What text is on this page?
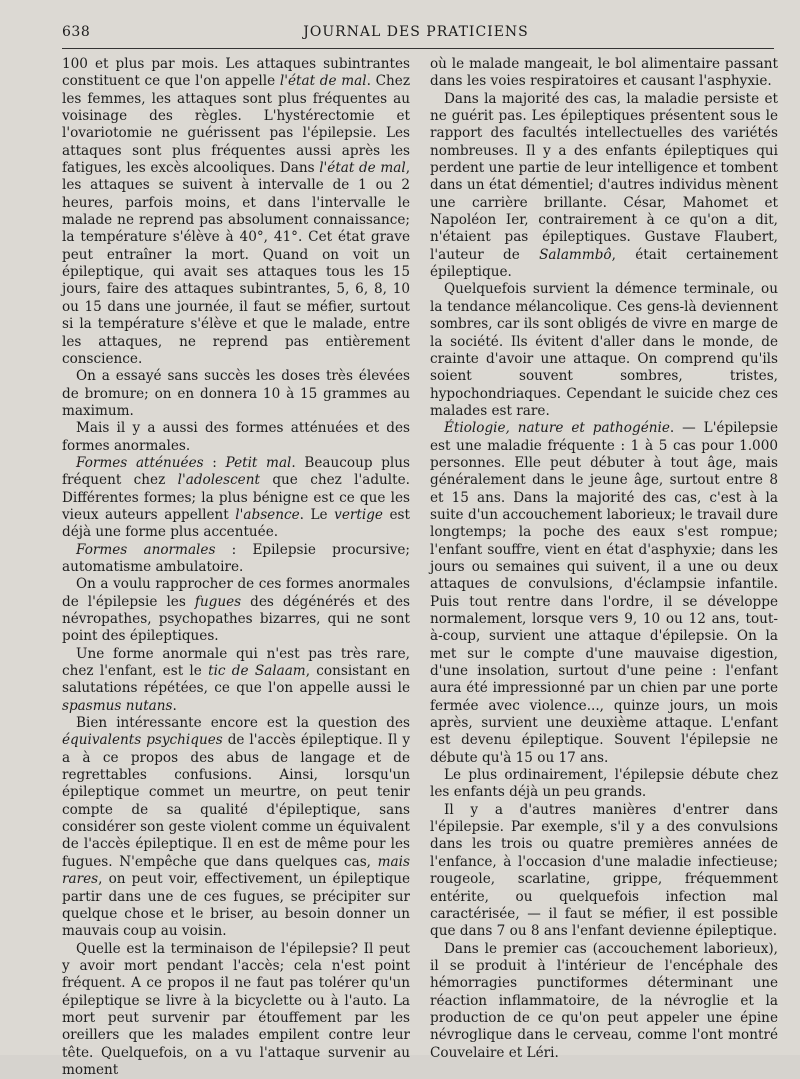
638	JOURNAL DES PRATICIENS

100 et plus par mois. Les attaques subintrantes constituent ce que l'on appelle l'état de mal. Chez les femmes, les attaques sont plus fréquentes au voisinage des règles. L'hystérectomie et l'ovariotomie ne guérissent pas l'épilepsie. Les attaques sont plus fréquentes aussi après les fatigues, les excès alcooliques. Dans l'état de mal, les attaques se suivent à intervalle de 1 ou 2 heures, parfois moins, et dans l'intervalle le malade ne reprend pas absolument connaissance; la température s'élève à 40°, 41°. Cet état grave peut entraîner la mort. Quand on voit un épileptique, qui avait ses attaques tous les 15 jours, faire des attaques subintrantes, 5, 6, 8, 10 ou 15 dans une journée, il faut se méfier, surtout si la température s'élève et que le malade, entre les attaques, ne reprend pas entièrement conscience.

On a essayé sans succès les doses très élevées de bromure; on en donnera 10 à 15 grammes au maximum.

Mais il y a aussi des formes atténuées et des formes anormales.

Formes atténuées : Petit mal. Beaucoup plus fréquent chez l'adolescent que chez l'adulte. Différentes formes; la plus bénigne est ce que les vieux auteurs appellent l'absence. Le vertige est déjà une forme plus accentuée.

Formes anormales : Epilepsie procursive; automatisme ambulatoire.

On a voulu rapprocher de ces formes anormales de l'épilepsie les fugues des dégénérés et des névropathes, psychopathes bizarres, qui ne sont point des épileptiques.

Une forme anormale qui n'est pas très rare, chez l'enfant, est le tic de Salaam, consistant en salutations répétées, ce que l'on appelle aussi le spasmus nutans.

Bien intéressante encore est la question des équivalents psychiques de l'accès épileptique. Il y a à ce propos des abus de langage et de regrettables confusions. Ainsi, lorsqu'un épileptique commet un meurtre, on peut tenir compte de sa qualité d'épileptique, sans considérer son geste violent comme un équivalent de l'accès épileptique. Il en est de même pour les fugues. N'empêche que dans quelques cas, mais rares, on peut voir, effectivement, un épileptique partir dans une de ces fugues, se précipiter sur quelque chose et le briser, au besoin donner un mauvais coup au voisin.

Quelle est la terminaison de l'épilepsie? Il peut y avoir mort pendant l'accès; cela n'est point fréquent. A ce propos il ne faut pas tolérer qu'un épileptique se livre à la bicyclette ou à l'auto. La mort peut survenir par étouffement par les oreillers que les malades empilent contre leur tête. Quelquefois, on a vu l'attaque survenir au moment

où le malade mangeait, le bol alimentaire passant dans les voies respiratoires et causant l'asphyxie.

Dans la majorité des cas, la maladie persiste et ne guérit pas. Les épileptiques présentent sous le rapport des facultés intellectuelles des variétés nombreuses. Il y a des enfants épileptiques qui perdent une partie de leur intelligence et tombent dans un état démentiel; d'autres individus mènent une carrière brillante. César, Mahomet et Napoléon Ier, contrairement à ce qu'on a dit, n'étaient pas épileptiques. Gustave Flaubert, l'auteur de Salammbô, était certainement épileptique.

Quelquefois survient la démence terminale, ou la tendance mélancolique. Ces gens-là deviennent sombres, car ils sont obligés de vivre en marge de la société. Ils évitent d'aller dans le monde, de crainte d'avoir une attaque. On comprend qu'ils soient souvent sombres, tristes, hypochondriaques. Cependant le suicide chez ces malades est rare.

Étiologie, nature et pathogénie. — L'épilepsie est une maladie fréquente : 1 à 5 cas pour 1.000 personnes. Elle peut débuter à tout âge, mais généralement dans le jeune âge, surtout entre 8 et 15 ans. Dans la majorité des cas, c'est à la suite d'un accouchement laborieux; le travail dure longtemps; la poche des eaux s'est rompue; l'enfant souffre, vient en état d'asphyxie; dans les jours ou semaines qui suivent, il a une ou deux attaques de convulsions, d'éclampsie infantile. Puis tout rentre dans l'ordre, il se développe normalement, lorsque vers 9, 10 ou 12 ans, tout-à-coup, survient une attaque d'épilepsie. On la met sur le compte d'une mauvaise digestion, d'une insolation, surtout d'une peine : l'enfant aura été impressionné par un chien par une porte fermée avec violence..., quinze jours, un mois après, survient une deuxième attaque. L'enfant est devenu épileptique. Souvent l'épilepsie ne débute qu'à 15 ou 17 ans.

Le plus ordinairement, l'épilepsie débute chez les enfants déjà un peu grands.

Il y a d'autres manières d'entrer dans l'épilepsie. Par exemple, s'il y a des convulsions dans les trois ou quatre premières années de l'enfance, à l'occasion d'une maladie infectieuse; rougeole, scarlatine, grippe, fréquemment entérite, ou quelquefois infection mal caractérisée, — il faut se méfier, il est possible que dans 7 ou 8 ans l'enfant devienne épileptique.

Dans le premier cas (accouchement laborieux), il se produit à l'intérieur de l'encéphale des hémorragies punctiformes déterminant une réaction inflammatoire, de la névroglie et la production de ce qu'on peut appeler une épine névroglique dans le cerveau, comme l'ont montré Couvelaire et Léri.
